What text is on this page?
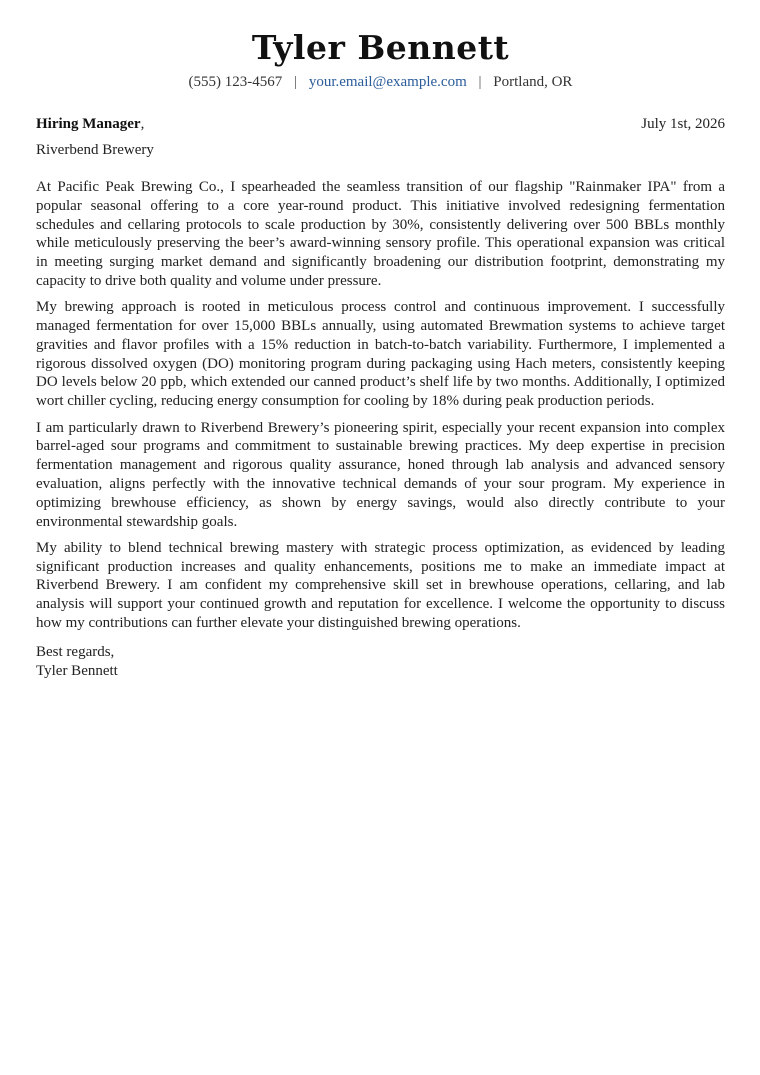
Tyler Bennett
(555) 123-4567 | your.email@example.com | Portland, OR
Hiring Manager,	July 1st, 2026
Riverbend Brewery

At Pacific Peak Brewing Co., I spearheaded the seamless transition of our flagship "Rainmaker IPA" from a popular seasonal offering to a core year-round product. This initiative involved redesigning fermentation schedules and cellaring protocols to scale production by 30%, consistently delivering over 500 BBLs monthly while meticulously preserving the beer’s award-winning sensory profile. This operational expansion was critical in meeting surging market demand and significantly broadening our distribution footprint, demonstrating my capacity to drive both quality and volume under pressure.

My brewing approach is rooted in meticulous process control and continuous improvement. I successfully managed fermentation for over 15,000 BBLs annually, using automated Brewmation systems to achieve target gravities and flavor profiles with a 15% reduction in batch-to-batch variability. Furthermore, I implemented a rigorous dissolved oxygen (DO) monitoring program during packaging using Hach meters, consistently keeping DO levels below 20 ppb, which extended our canned product’s shelf life by two months. Additionally, I optimized wort chiller cycling, reducing energy consumption for cooling by 18% during peak production periods.

I am particularly drawn to Riverbend Brewery’s pioneering spirit, especially your recent expansion into complex barrel-aged sour programs and commitment to sustainable brewing practices. My deep expertise in precision fermentation management and rigorous quality assurance, honed through lab analysis and advanced sensory evaluation, aligns perfectly with the innovative technical demands of your sour program. My experience in optimizing brewhouse efficiency, as shown by energy savings, would also directly contribute to your environmental stewardship goals.

My ability to blend technical brewing mastery with strategic process optimization, as evidenced by leading significant production increases and quality enhancements, positions me to make an immediate impact at Riverbend Brewery. I am confident my comprehensive skill set in brewhouse operations, cellaring, and lab analysis will support your continued growth and reputation for excellence. I welcome the opportunity to discuss how my contributions can further elevate your distinguished brewing operations.

Best regards,
Tyler Bennett
